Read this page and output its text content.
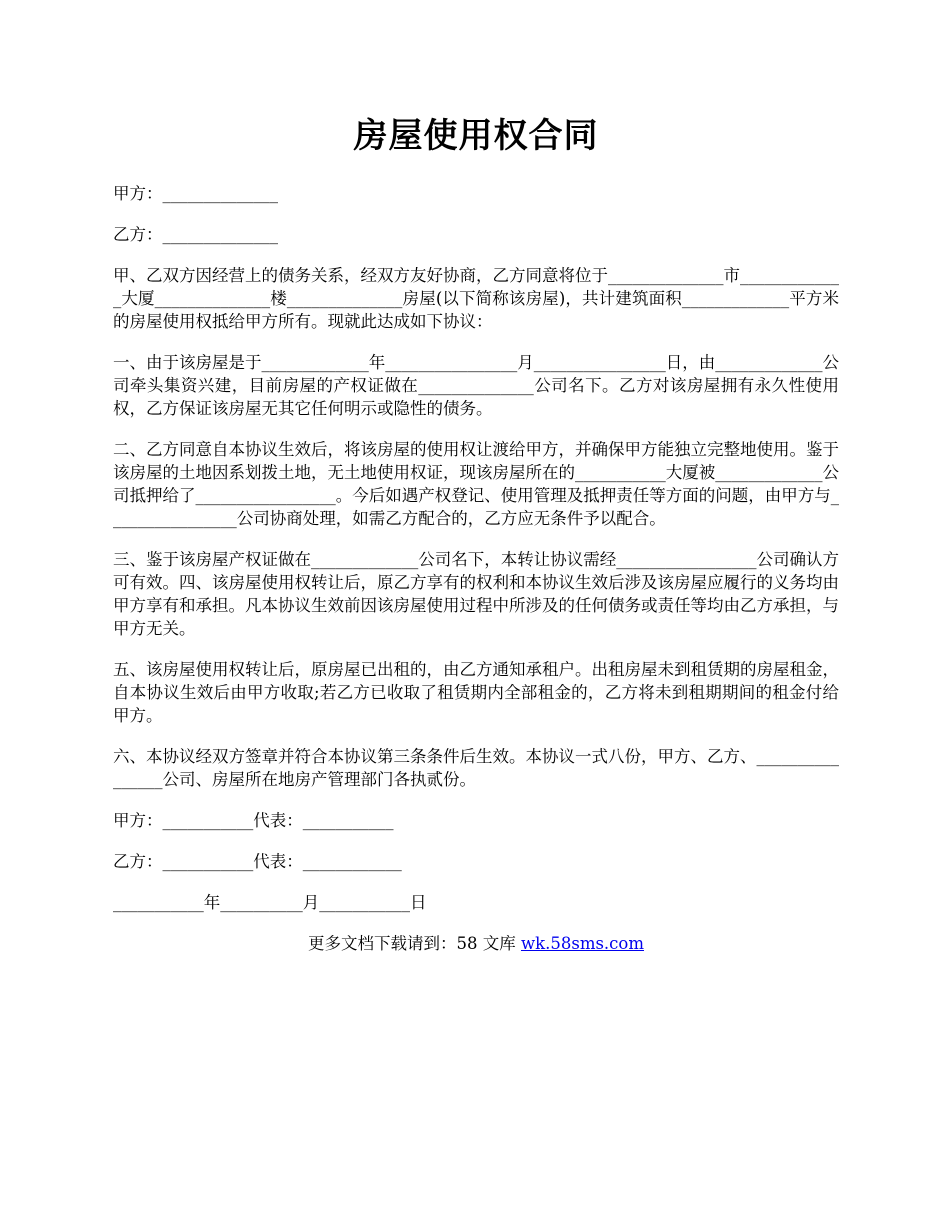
房屋使用权合同

甲方：______________

乙方：______________

甲、乙双方因经营上的债务关系，经双方友好协商，乙方同意将位于______________市_____________大厦______________楼______________房屋(以下简称该房屋)，共计建筑面积_____________平方米的房屋使用权抵给甲方所有。现就此达成如下协议：

一、由于该房屋是于_____________年________________月________________日，由_____________公司牵头集资兴建，目前房屋的产权证做在______________公司名下。乙方对该房屋拥有永久性使用权，乙方保证该房屋无其它任何明示或隐性的债务。

二、乙方同意自本协议生效后，将该房屋的使用权让渡给甲方，并确保甲方能独立完整地使用。鉴于该房屋的土地因系划拨土地，无土地使用权证，现该房屋所在的___________大厦被_____________公司抵押给了_________________。今后如遇产权登记、使用管理及抵押责任等方面的问题，由甲方与________________公司协商处理，如需乙方配合的，乙方应无条件予以配合。

三、鉴于该房屋产权证做在_____________公司名下，本转让协议需经_________________公司确认方可有效。四、该房屋使用权转让后，原乙方享有的权利和本协议生效后涉及该房屋应履行的义务均由甲方享有和承担。凡本协议生效前因该房屋使用过程中所涉及的任何债务或责任等均由乙方承担，与甲方无关。

五、该房屋使用权转让后，原房屋已出租的，由乙方通知承租户。出租房屋未到租赁期的房屋租金，自本协议生效后由甲方收取;若乙方已收取了租赁期内全部租金的，乙方将未到租期期间的租金付给甲方。

六、本协议经双方签章并符合本协议第三条条件后生效。本协议一式八份，甲方、乙方、________________公司、房屋所在地房产管理部门各执贰份。

甲方：___________代表：___________

乙方：___________代表：____________

___________年__________月___________日

更多文档下载请到：58 文库 wk.58sms.com
